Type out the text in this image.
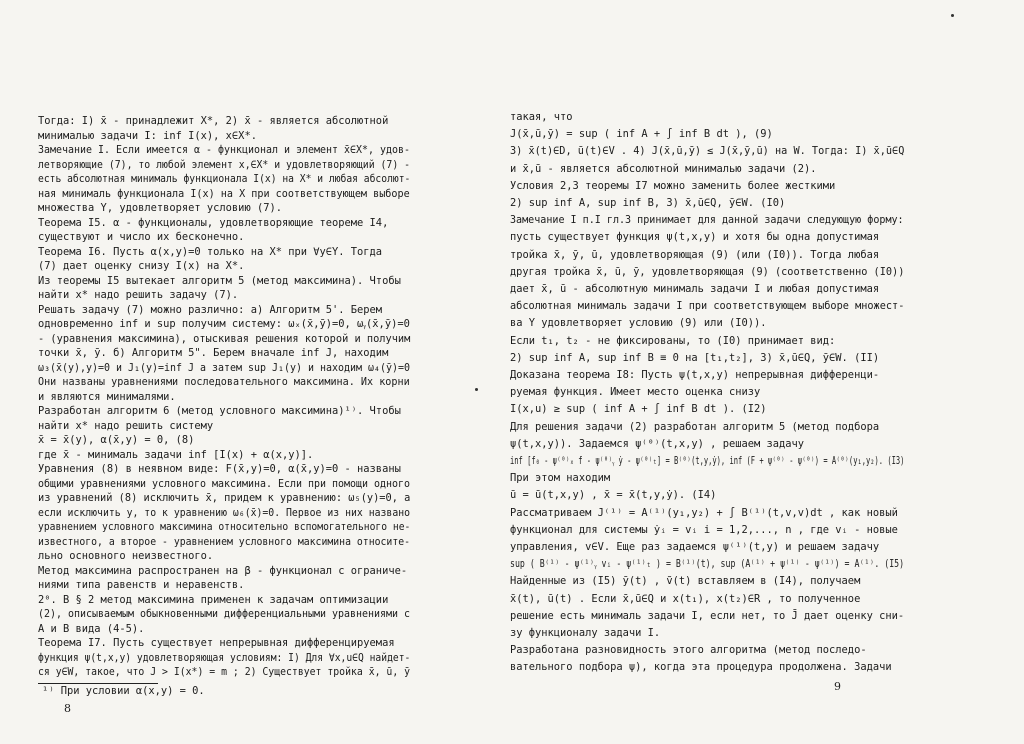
Тогда: I) x̄ - принадлежит X*, 2) x̄ - является абсолютной
минималью задачи I: inf I(x), x∈X*.
Замечание I. Если имеется α - функционал и элемент x̄∈X*, удов-
летворяющие (7), то любой элемент x,∈X* и удовлетворяющий (7) -
есть абсолютная минималь функционала I(x) на X* и любая абсолют-
ная минималь функционала I(x) на X при соответствующем выборе
множества Y, удовлетворяет условию (7).
Теорема I5. α - функционалы, удовлетворяющие теореме I4,
существуют и число их бесконечно.
Теорема I6. Пусть α(x,y)=0 только на X* при ∀y∈Y. Тогда
(7) дает оценку снизу I(x) на X*.
Из теоремы I5 вытекает алгоритм 5 (метод максимина). Чтобы
найти x* надо решить задачу (7).
Решать задачу (7) можно различно: а) Алгоритм 5'. Берем
одновременно inf и sup получим систему: ωₓ(x̄,ȳ)=0, ωᵧ(x̄,ȳ)=0
- (уравнения максимина), отыскивая решения которой и получим
точки x̄, ȳ. б) Алгоритм 5". Берем вначале inf J, находим
ω₃(x̄(y),y)=0 и J₁(y)=inf J а затем sup J₁(y) и находим ω₄(ȳ)=0
Они названы уравнениями последовательного максимина. Их корни
и являются минималями.
Разработан алгоритм 6 (метод условного максимина)¹⁾. Чтобы
найти x* надо решить систему
x̄ = x̄(y), α(x̄,y) = 0, (8)
где x̄ - минималь задачи inf [I(x) + α(x,y)].
Уравнения (8) в неявном виде: F(x̄,y)=0, α(x̄,y)=0 - названы
общими уравнениями условного максимина. Если при помощи одного
из уравнений (8) исключить x̄, придем к уравнению: ω₅(y)=0, а
если исключить y, то к уравнению ω₆(x̄)=0. Первое из них названо
уравнением условного максимина относительно вспомогательного не-
известного, а второе - уравнением условного максимина относите-
льно основного неизвестного.
Метод максимина распространен на β - функционал с ограниче-
ниями типа равенств и неравенств.
2⁰. В § 2 метод максимина применен к задачам оптимизации
(2), описываемым обыкновенными дифференциальными уравнениями с
A и B вида (4-5).
Теорема I7. Пусть существует непрерывная дифференцируемая
функция ψ(t,x,y) удовлетворяющая условиям: I) Для ∀x,u∈Q найдет-
ся y∈W, такое, что J > I(x*) = m ; 2) Существует тройка x̄, ū, ȳ
такая, что
J(x̄,ū,ȳ) = sup ( inf A + ∫ inf B dt ), (9)
3) x̄(t)∈D, ū(t)∈V . 4) J(x̄,ū,ȳ) ≤ J(x̄,ȳ,ū) на W. Тогда: I) x̄,ū∈Q
и x̄,ū - является абсолютной минималью задачи (2).
Условия 2,3 теоремы I7 можно заменить более жесткими
2) sup inf A, sup inf B, 3) x̄,ū∈Q, ȳ∈W. (I0)
Замечание I п.I гл.3 принимает для данной задачи следующую форму:
пусть существует функция ψ(t,x,y) и хотя бы одна допустимая
тройка x̄, ȳ, ū, удовлетворяющая (9) (или (I0)). Тогда любая
другая тройка x̄, ū, ȳ, удовлетворяющая (9) (соответственно (I0))
дает x̄, ū - абсолютную минималь задачи I и любая допустимая
абсолютная минималь задачи I при соответствующем выборе множест-
ва Y удовлетворяет условию (9) или (I0)).
Если t₁, t₂ - не фиксированы, то (I0) принимает вид:
2) sup inf A, sup inf B ≡ 0 на [t₁,t₂], 3) x̄,ū∈Q, ȳ∈W. (II)
Доказана теорема I8: Пусть ψ(t,x,y) непрерывная дифференци-
руемая функция. Имеет место оценка снизу
I(x,u) ≥ sup ( inf A + ∫ inf B dt ). (I2)
Для решения задачи (2) разработан алгоритм 5 (метод подбора
ψ(t,x,y)). Задаемся ψ⁽⁰⁾(t,x,y) , решаем задачу
inf [f₀ - ψ⁽⁰⁾ₓ f - ψ⁽⁰⁾ᵧ ẏ - ψ⁽⁰⁾ₜ] = B⁽⁰⁾(t,y,ẏ), inf (F + ψ⁽⁰⁾ - ψ⁽⁰⁾) = A⁽⁰⁾(y₁,y₂). (I3)
При этом находим
ū = ū(t,x,y) , x̄ = x̄(t,y,ẏ). (I4)
Рассматриваем J⁽¹⁾ = A⁽¹⁾(y₁,y₂) + ∫ B⁽¹⁾(t,v,v)dt , как новый
функционал для системы ẏᵢ = vᵢ i = 1,2,..., n , где vᵢ - новые
управления, v∈V. Еще раз задаемся ψ⁽¹⁾(t,y) и решаем задачу
sup ( B⁽¹⁾ - ψ⁽¹⁾ᵧ vᵢ - ψ⁽¹⁾ₜ ) = B⁽¹⁾(t), sup (A⁽¹⁾ + ψ⁽¹⁾ - ψ⁽¹⁾) = A⁽¹⁾. (I5)
Найденные из (I5) ȳ(t) , ṽ(t) вставляем в (I4), получаем
x̄(t), ū(t) . Если x̄,ū∈Q и x(t₁), x(t₂)∈R , то полученное
решение есть минималь задачи I, если нет, то J̄ дает оценку сни-
зу функционалу задачи I.
Разработана разновидность этого алгоритма (метод последо-
вательного подбора ψ), когда эта процедура продолжена. Задачи
¹⁾ При условии α(x,y) = 0.
8
9
